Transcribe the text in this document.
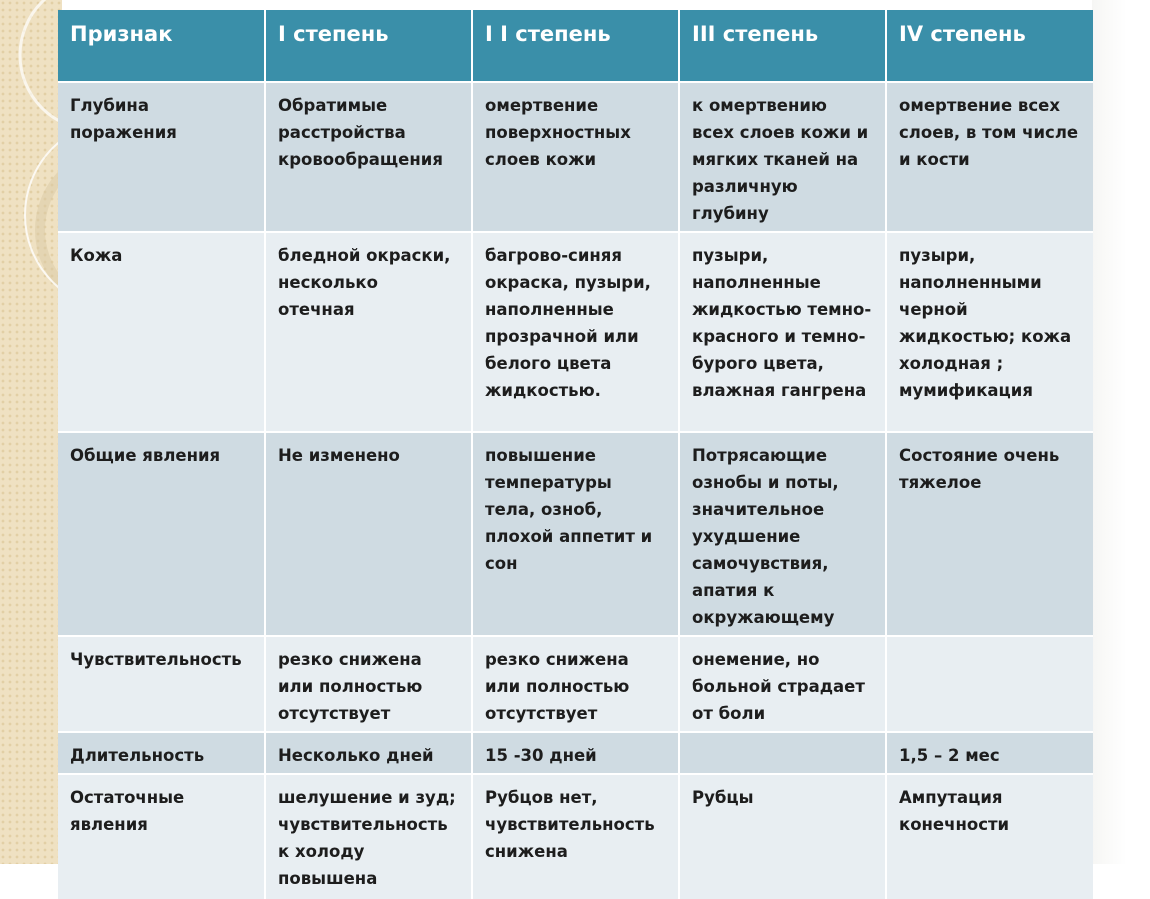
Признак	I степень	I I степень	III степень	IV степень
Глубина поражения	Обратимые расстройства кровообращения	омертвение поверхностных слоев кожи	к омертвению всех слоев кожи и мягких тканей на различную глубину	омертвение всех слоев, в том числе и кости
Кожа	бледной окраски, несколько отечная	багрово-синяя окраска, пузыри, наполненные прозрачной или белого цвета жидкостью.	пузыри, наполненные жидкостью темно-красного и темно-бурого цвета, влажная гангрена	пузыри, наполненными черной жидкостью; кожа холодная ; мумификация
Общие явления	Не изменено	повышение температуры тела, озноб, плохой аппетит и сон	Потрясающие ознобы и поты, значительное ухудшение самочувствия, апатия к окружающему	Состояние очень тяжелое
Чувствительность	резко снижена или полностью отсутствует	резко снижена или полностью отсутствует	онемение, но больной страдает от боли	
Длительность	Несколько дней	15 -30 дней		1,5 – 2 мес
Остаточные явления	шелушение и зуд; чувствительность к холоду повышена	Рубцов нет, чувствительность снижена	Рубцы	Ампутация конечности
